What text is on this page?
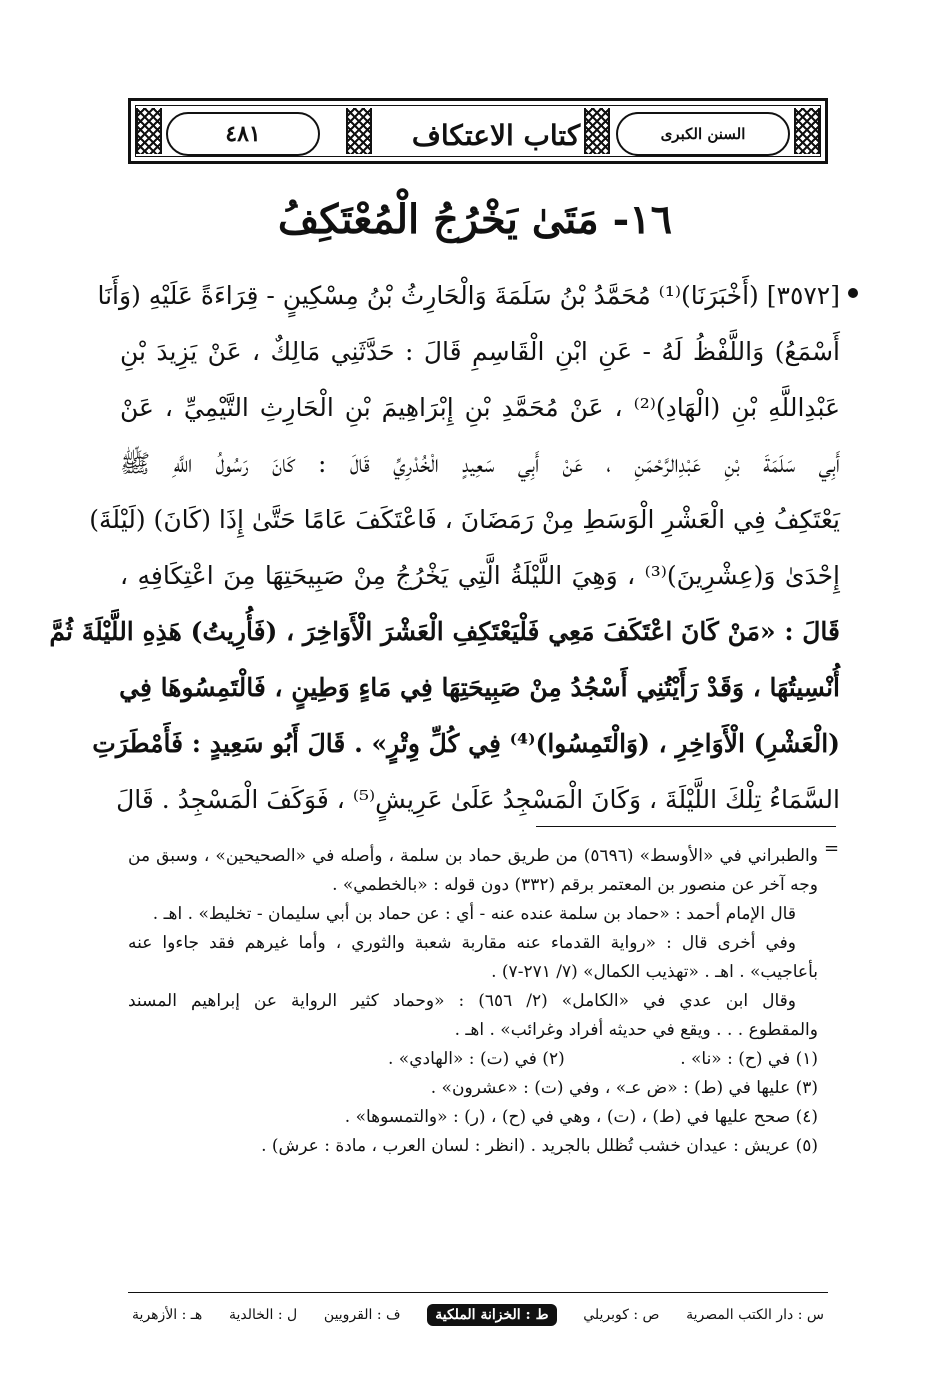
السنن الكبرى
كتاب الاعتكاف
٤٨١
١٦- مَتَىٰ يَخْرُجُ الْمُعْتَكِفُ
[٣٥٧٢] (أَخْبَرَنَا)⁽¹⁾ مُحَمَّدُ بْنُ سَلَمَةَ وَالْحَارِثُ بْنُ مِسْكِينٍ - قِرَاءَةً عَلَيْهِ (وَأَنَا
أَسْمَعُ) وَاللَّفْظُ لَهُ - عَنِ ابْنِ الْقَاسِمِ قَالَ : حَدَّثَنِي مَالِكٌ ، عَنْ يَزِيدَ بْنِ
عَبْدِاللَّهِ بْنِ (الْهَادِ)⁽²⁾ ، عَنْ مُحَمَّدِ بْنِ إِبْرَاهِيمَ بْنِ الْحَارِثِ التَّيْمِيِّ ، عَنْ
أَبِي سَلَمَةَ بْنِ عَبْدِالرَّحْمَنِ ، عَنْ أَبِي سَعِيدٍ الْخُدْرِيِّ قَالَ : كَانَ رَسُولُ اللَّهِ ﷺ
يَعْتَكِفُ فِي الْعَشْرِ الْوَسَطِ مِنْ رَمَضَانَ ، فَاعْتَكَفَ عَامًا حَتَّىٰ إِذَا (كَانَ) (لَيْلَةَ)
إِحْدَىٰ وَ(عِشْرِينَ)⁽³⁾ ، وَهِيَ اللَّيْلَةُ الَّتِي يَخْرُجُ مِنْ صَبِيحَتِهَا مِنَ اعْتِكَافِهِ ،
قَالَ : «مَنْ كَانَ اعْتَكَفَ مَعِي فَلْيَعْتَكِفِ الْعَشْرَ الْأَوَاخِرَ ، (فَأُرِيتُ) هَذِهِ اللَّيْلَةَ ثُمَّ
أُنْسِيتُهَا ، وَقَدْ رَأَيْتُنِي أَسْجُدُ مِنْ صَبِيحَتِهَا فِي مَاءٍ وَطِينٍ ، فَالْتَمِسُوهَا فِي
(الْعَشْرِ) الْأَوَاخِرِ ، (وَالْتَمِسُوا)⁽⁴⁾ فِي كُلِّ وِتْرٍ» . قَالَ أَبُو سَعِيدٍ : فَأَمْطَرَتِ
السَّمَاءُ تِلْكَ اللَّيْلَةَ ، وَكَانَ الْمَسْجِدُ عَلَىٰ عَرِيشٍ⁽⁵⁾ ، فَوَكَفَ الْمَسْجِدُ . قَالَ
=
والطبراني في «الأوسط» (٥٦٩٦) من طريق حماد بن سلمة ، وأصله في «الصحيحين» ، وسبق من
وجه آخر عن منصور بن المعتمر برقم (٣٣٢) دون قوله : «بالخطمي» .
قال الإمام أحمد : «حماد بن سلمة عنده عنه - أي : عن حماد بن أبي سليمان - تخليط» . اهـ .
وفي أخرى قال : «رواية القدماء عنه مقاربة شعبة والثوري ، وأما غيرهم فقد جاءوا عنه
بأعاجيب» . اهـ . «تهذيب الكمال» (٧/ ٢٧١-٧) .
وقال ابن عدي في «الكامل» (٢/ ٦٥٦) : «وحماد كثير الرواية عن إبراهيم المسند
والمقطوع . . . ويقع في حديثه أفراد وغرائب» . اهـ .
(١) في (ح) : «نا» .
(٢) في (ت) : «الهادي» .
(٣) عليها في (ط) : «ض عـ» ، وفي (ت) : «عشرون» .
(٤) صحح عليها في (ط) ، (ت) ، وهي في (ح) ، (ر) : «والتمسوها» .
(٥) عريش : عيدان خشب تُظلل بالجريد . (انظر : لسان العرب ، مادة : عرش) .
س : دار الكتب المصرية
ص : كوبريلي
ط : الخزانة الملكية
ف : القرويين
ل : الخالدية
هـ : الأزهرية
